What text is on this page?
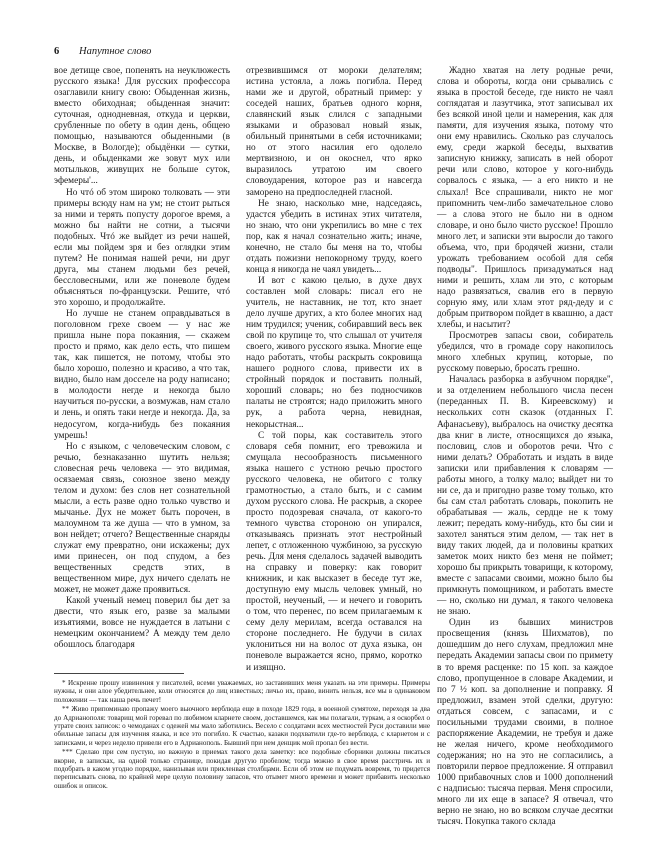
6 Напутное слово

вое детище свое, попенять на неуклюжесть русского языка! Для русских профессора озаглавили книгу свою: Обыденная жизнь, вместо обиходная; обыденная значит: суточная, однодневная, откуда и церкви, срубленные по обету в один день, общею помощью, называются обыденными (в Москве, в Вологде); обыдёнки — сутки, день, и обыденками же зовут мух или мотыльков, живущих не больше суток, эфемеры'...

Но чтó об этом широко толковать — эти примеры всюду нам на ум; не стоит рыться за ними и терять попусту дорогое время, а можно бы найти не сотни, а тысячи подобных. Чтó же выйдет из речи нашей, если мы пойдем зря и без оглядки этим путем? Не понимая нашей речи, ни друг друга, мы станем людьми без речей, бессловесными, или же поневоле будем объясняться по-французски. Решите, чтó это хорошо, и продолжайте.

Но лучше не станем оправдываться в поголовном грехе своем — у нас же пришла ныне пора покаяния, — скажем просто и прямо, как дело есть, что пишем так, как пишется, не потому, чтобы это было хорошо, полезно и красиво, а что так, видно, было нам досселе на роду написано; в молодости негде и некогда было научиться по-русски, а возмужав, нам стало и лень, и опять таки негде и некогда. Да, за недосугом, когда-нибудь без покаяния умрешь!

Но с языком, с человеческим словом, с речью, безнаказанно шутить нельзя; словесная речь человека — это видимая, осязаемая связь, союзное звено между телом и духом: без слов нет сознательной мысли, а есть разве одно только чувство и мычанье. Дух не может быть порочен, в малоумном та же душа — что в умном, за вон нейдет; отчего? Вещественные снаряды служат ему превратно, они искажены; дух ими принесен, он под спудом, а без вещественных средств этих, в вещественном мире, дух ничего сделать не может, не может даже проявиться.

Какой ученый немец поверил бы дет за двести, что язык его, разве за малыми изъятиями, вовсе не нуждается в латыни с немецким окончанием? А между тем дело обошлось благодаря

отрезвившимся от мороки делателям; истина устояла, а ложь погибла. Перед нами же и другой, обратный пример: у соседей наших, братьев одного корня, славянский язык слился с западными языками и образовал новый язык, обильный принятыми в себя источниками; но от этого насилия его одолело мертвизною, и он окоснел, что ярко выразилось утратою им своего словоударения, которое раз и навсегда заморено на предпоследней гласной.

Не знаю, насколько мне, надседаясь, удастся убедить в истинах этих читателя, но знаю, что они укрепились во мне с тех пор, как я начал сознательно жить; иначе, конечно, не стало бы меня на то, чтобы отдать пожизни непокорному труду, коего конца я никогда не чаял увидеть...

И вот с какою целью, в духе двух составлен мой словарь: писал его не учитель, не наставник, не тот, кто знает дело лучше других, а кто более многих над ним трудился; ученик, собиравший весь век свой по крупице то, что слышал от учителя своего, живого русского языка. Многие еще надо работать, чтобы раскрыть сокровища нашего родного слова, привести их в стройный порядок и поставить полный, хороший словарь; но без подносчиков палаты не строятся; надо приложить много рук, а работа черна, невидная, некорыстная...

С той поры, как составитель этого словаря себя помнит, его тревожила и смущала несообразность письменного языка нашего с устною речью простого русского человека, не обитого с толку грамотностью, а стало быть, и с самим духом русского слова. Не раскрыв, а скорее просто подозревая сначала, от какого-то темного чувства стороною он упирался, отказываясь признать этот нестройный лепет, с отложенною чужбиною, за русскую речь. Для меня сделалось задачей выводить на справку и поверку: как говорит книжник, и как высказет в беседе тут же, доступную ему мысль человек умный, но простой, неученый, — и нечего и говорить о том, что перенес, по всем прилагаемым к сему делу мерилам, всегда оставался на стороне последнего. Не будучи в силах уклониться ни на волос от духа языка, он поневоле выражается ясно, прямо, коротко и изящно.

Жадно хватая на лету родные речи, слова и обороты, когда они срывались с языка в простой беседе, где никто не чаял соглядатая и лазутчика, этот записывал их без всякой иной цели и намерения, как для памяти, для изучения языка, потому что они ему нравились. Сколько раз случалось ему, среди жаркой беседы, выхватив записную книжку, записать в ней оборот речи или слово, которое у кого-нибудь сорвалось с языка, — а его никто и не слыхал! Все спрашивали, никто не мог припомнить чем-либо замечательное слово — а слова этого не было ни в одном словаре, и оно было чисто русское! Прошло много лет, и записки эти выросли до такого объема, что, при бродячей жизни, стали урожать требованием особой для себя подводы". Пришлось призадуматься над ними и решить, хлам ли это, с которым надо развязаться, свалив его в первую сорную яму, или хлам этот ряд-деду и с добрым притвором пойдет в квашню, а даст хлебы, и насытит?

Просмотрев запасы свои, собиратель убедился, что в громаде сору накопилось много хлебных крупиц, которые, по русскому поверью, бросать грешно.

Началась разборка в азбучном порядке", и за отделением небольшого числа песен (переданных П. В. Киреевскому) и нескольких сотн сказок (отданных Г. Афанасьеву), выбралось на очистку десятка два книг в листе, относящихся до языка, пословиц, слов и оборотов речи. Что с ними делать? Обработать и издать в виде записки или прибавления к словарям — работы много, а толку мало; выйдет ни то ни се, да и пригодно разве тому только, кто бы сам стал работать словарь, покопить не обрабатывая — жаль, сердце не к тому лежит; передать кому-нибудь, кто бы сии и захотел заняться этим делом, — так нет в виду таких людей, да и половины кратких заметок моих никто без меня не поймет; хорошо бы прикрыть товарищи, к которому, вместе с запасами своими, можно было бы примкнуть помощником, и работать вместе — но, сколько ни думал, я такого человека не знаю.

Один из бывших министров просвещения (князь Шихматов), по дошедшим до него слухам, предложил мне передать Академии запасы свои по примету в то время расценке: по 15 коп. за каждое слово, пропущенное в словаре Академии, и по 7 ½ коп. за дополнение и поправку. Я предложил, взамен этой сделки, другую: отдаться совсем, с запасами, и с посильными трудами своими, в полное распоряжение Академии, не требуя и даже не желая ничего, кроме необходимого содержания; но на это не согласились, а повторили первое предложение. Я отправил 1000 прибавочных слов и 1000 дополнений с надписью: тысяча первая. Меня спросили, много ли их еще в запасе? Я отвечал, что верно не знаю, но во всяком случае десятки тысяч. Покупка такого склада

* Искренне прошу извинения у писателей, всеми уважаемых, но заставивших меня указать на эти примеры. Примеры нужны, и они алое убедительнее, коли относятся до лиц известных; личьо их, право, винить нельзя, все мы в одинаковом положении — так наша речь печет!

** Живо припоминаю пропажу моего вьючного верблюда еще в походе 1829 года, в военной сумятохе, переходя за два до Адрианополя: товарищ мой горевал по любимом кларнете своем, доставшемся, как мы полагали, туркам, а я оскорбел о утрате своих записок: о чемоданах с одежей мы мало заботились. Весело с солдатами всех местностей Руси доставили мне обильные запасы для изучения языка, и все это погибло. К счастью, казаки подхватили где-то верблюда, с кларнетом и с записками, и через неделю привели его в Адрианополь. Бывший при нем денщик мой пропал без вести.

*** Сделаю при сем пустую, но важную в приемах такого дела заметку: все подобные сборники должны писаться вкорне, в записках, на одной только странице, покидая другую пробелом; тогда можно в свое время расстричь их и подобрать в каком угодно порядке, нанизывая или прикленвая столбцами. Если об этом не подумать вовремя, то придется переписывать снова, по крайней мере целую половину запасов, что отымет много времени и может прибавить несколько ошибок и описок.
